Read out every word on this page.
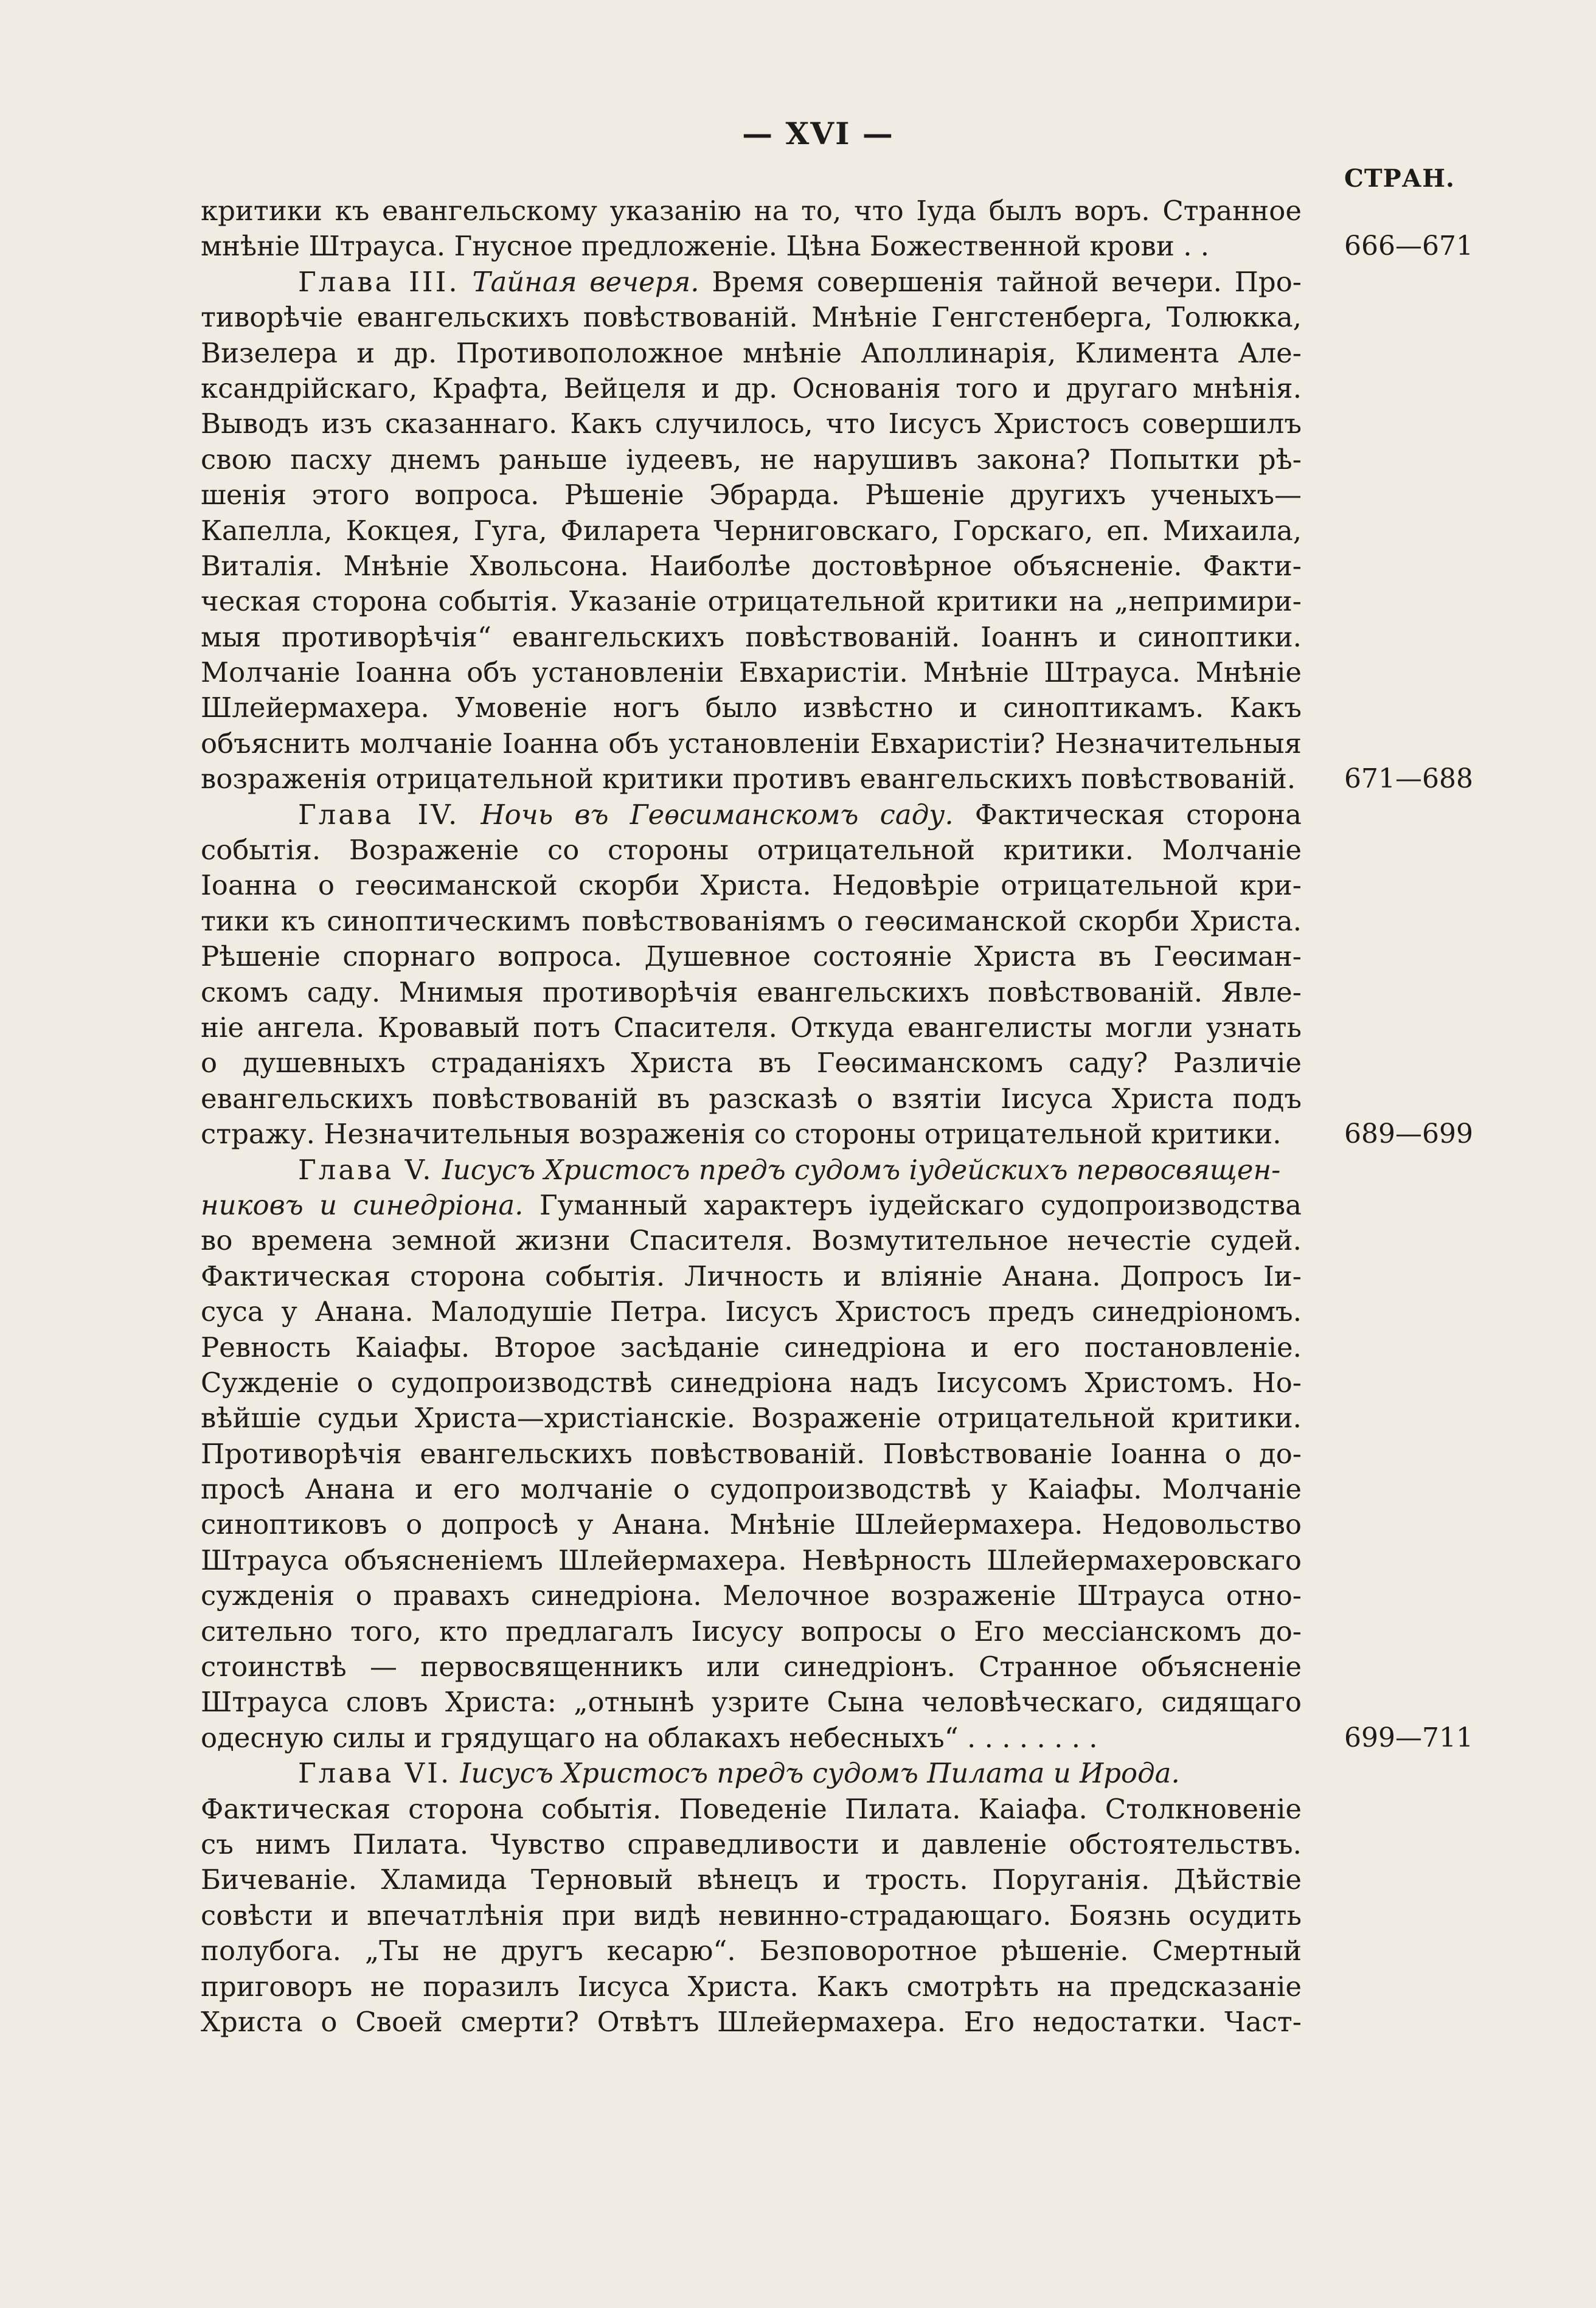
— XVI —
СТРАН.
критики къ евангельскому указанію на то, что Іуда былъ воръ. Странное
мнѣніе Штрауса. Гнусное предложеніе. Цѣна Божественной крови . .	666—671
Глава III. Тайная вечеря. Время совершенія тайной вечери. Про-
тиворѣчіе евангельскихъ повѣствованій. Мнѣніе Генгстенберга, Толюкка,
Визелера и др. Противоположное мнѣніе Аполлинарія, Климента Але-
ксандрійскаго, Крафта, Вейцеля и др. Основанія того и другаго мнѣнія.
Выводъ изъ сказаннаго. Какъ случилось, что Іисусъ Христосъ совершилъ
свою пасху днемъ раньше іудеевъ, не нарушивъ закона? Попытки рѣ-
шенія этого вопроса. Рѣшеніе Эбрарда. Рѣшеніе другихъ ученыхъ—
Капелла, Кокцея, Гуга, Филарета Черниговскаго, Горскаго, еп. Михаила,
Виталія. Мнѣніе Хвольсона. Наиболѣе достовѣрное объясненіе. Факти-
ческая сторона событія. Указаніе отрицательной критики на „непримири-
мыя противорѣчія“ евангельскихъ повѣствованій. Іоаннъ и синоптики.
Молчаніе Іоанна объ установленіи Евхаристіи. Мнѣніе Штрауса. Мнѣніе
Шлейермахера. Умовеніе ногъ было извѣстно и синоптикамъ. Какъ
объяснить молчаніе Іоанна объ установленіи Евхаристіи? Незначительныя
возраженія отрицательной критики противъ евангельскихъ повѣствованій. 671—688
Глава IV. Ночь въ Геѳсиманскомъ саду. Фактическая сторона
событія. Возраженіе со стороны отрицательной критики. Молчаніе
Іоанна о геѳсиманской скорби Христа. Недовѣріе отрицательной кри-
тики къ синоптическимъ повѣствованіямъ о геѳсиманской скорби Христа.
Рѣшеніе спорнаго вопроса. Душевное состояніе Христа въ Геѳсиман-
скомъ саду. Мнимыя противорѣчія евангельскихъ повѣствованій. Явле-
ніе ангела. Кровавый потъ Спасителя. Откуда евангелисты могли узнать
о душевныхъ страданіяхъ Христа въ Геѳсиманскомъ саду? Различіе
евангельскихъ повѣствованій въ разсказѣ о взятіи Іисуса Христа подъ
стражу. Незначительныя возраженія со стороны отрицательной критики. 689—699
Глава V. Іисусъ Христосъ предъ судомъ іудейскихъ первосвящен-
никовъ и синедріона. Гуманный характеръ іудейскаго судопроизводства
во времена земной жизни Спасителя. Возмутительное нечестіе судей.
Фактическая сторона событія. Личность и вліяніе Анана. Допросъ Іи-
суса у Анана. Малодушіе Петра. Іисусъ Христосъ предъ синедріономъ.
Ревность Каіафы. Второе засѣданіе синедріона и его постановленіе.
Сужденіе о судопроизводствѣ синедріона надъ Іисусомъ Христомъ. Но-
вѣйшіе судьи Христа—христіанскіе. Возраженіе отрицательной критики.
Противорѣчія евангельскихъ повѣствованій. Повѣствованіе Іоанна о до-
просѣ Анана и его молчаніе о судопроизводствѣ у Каіафы. Молчаніе
синоптиковъ о допросѣ у Анана. Мнѣніе Шлейермахера. Недовольство
Штрауса объясненіемъ Шлейермахера. Невѣрность Шлейермахеровскаго
сужденія о правахъ синедріона. Мелочное возраженіе Штрауса отно-
сительно того, кто предлагалъ Іисусу вопросы о Его мессіанскомъ до-
стоинствѣ — первосвященникъ или синедріонъ. Странное объясненіе
Штрауса словъ Христа: „отнынѣ узрите Сына человѣческаго, сидящаго
одесную силы и грядущаго на облакахъ небесныхъ“ . . . . . . . .	699—711
Глава VI. Іисусъ Христосъ предъ судомъ Пилата и Ирода.
Фактическая сторона событія. Поведеніе Пилата. Каіафа. Столкновеніе
съ нимъ Пилата. Чувство справедливости и давленіе обстоятельствъ.
Бичеваніе. Хламида Терновый вѣнецъ и трость. Поруганія. Дѣйствіе
совѣсти и впечатлѣнія при видѣ невинно-страдающаго. Боязнь осудить
полубога. „Ты не другъ кесарю“. Безповоротное рѣшеніе. Смертный
приговоръ не поразилъ Іисуса Христа. Какъ смотрѣть на предсказаніе
Христа о Своей смерти? Отвѣтъ Шлейермахера. Его недостатки. Част-
